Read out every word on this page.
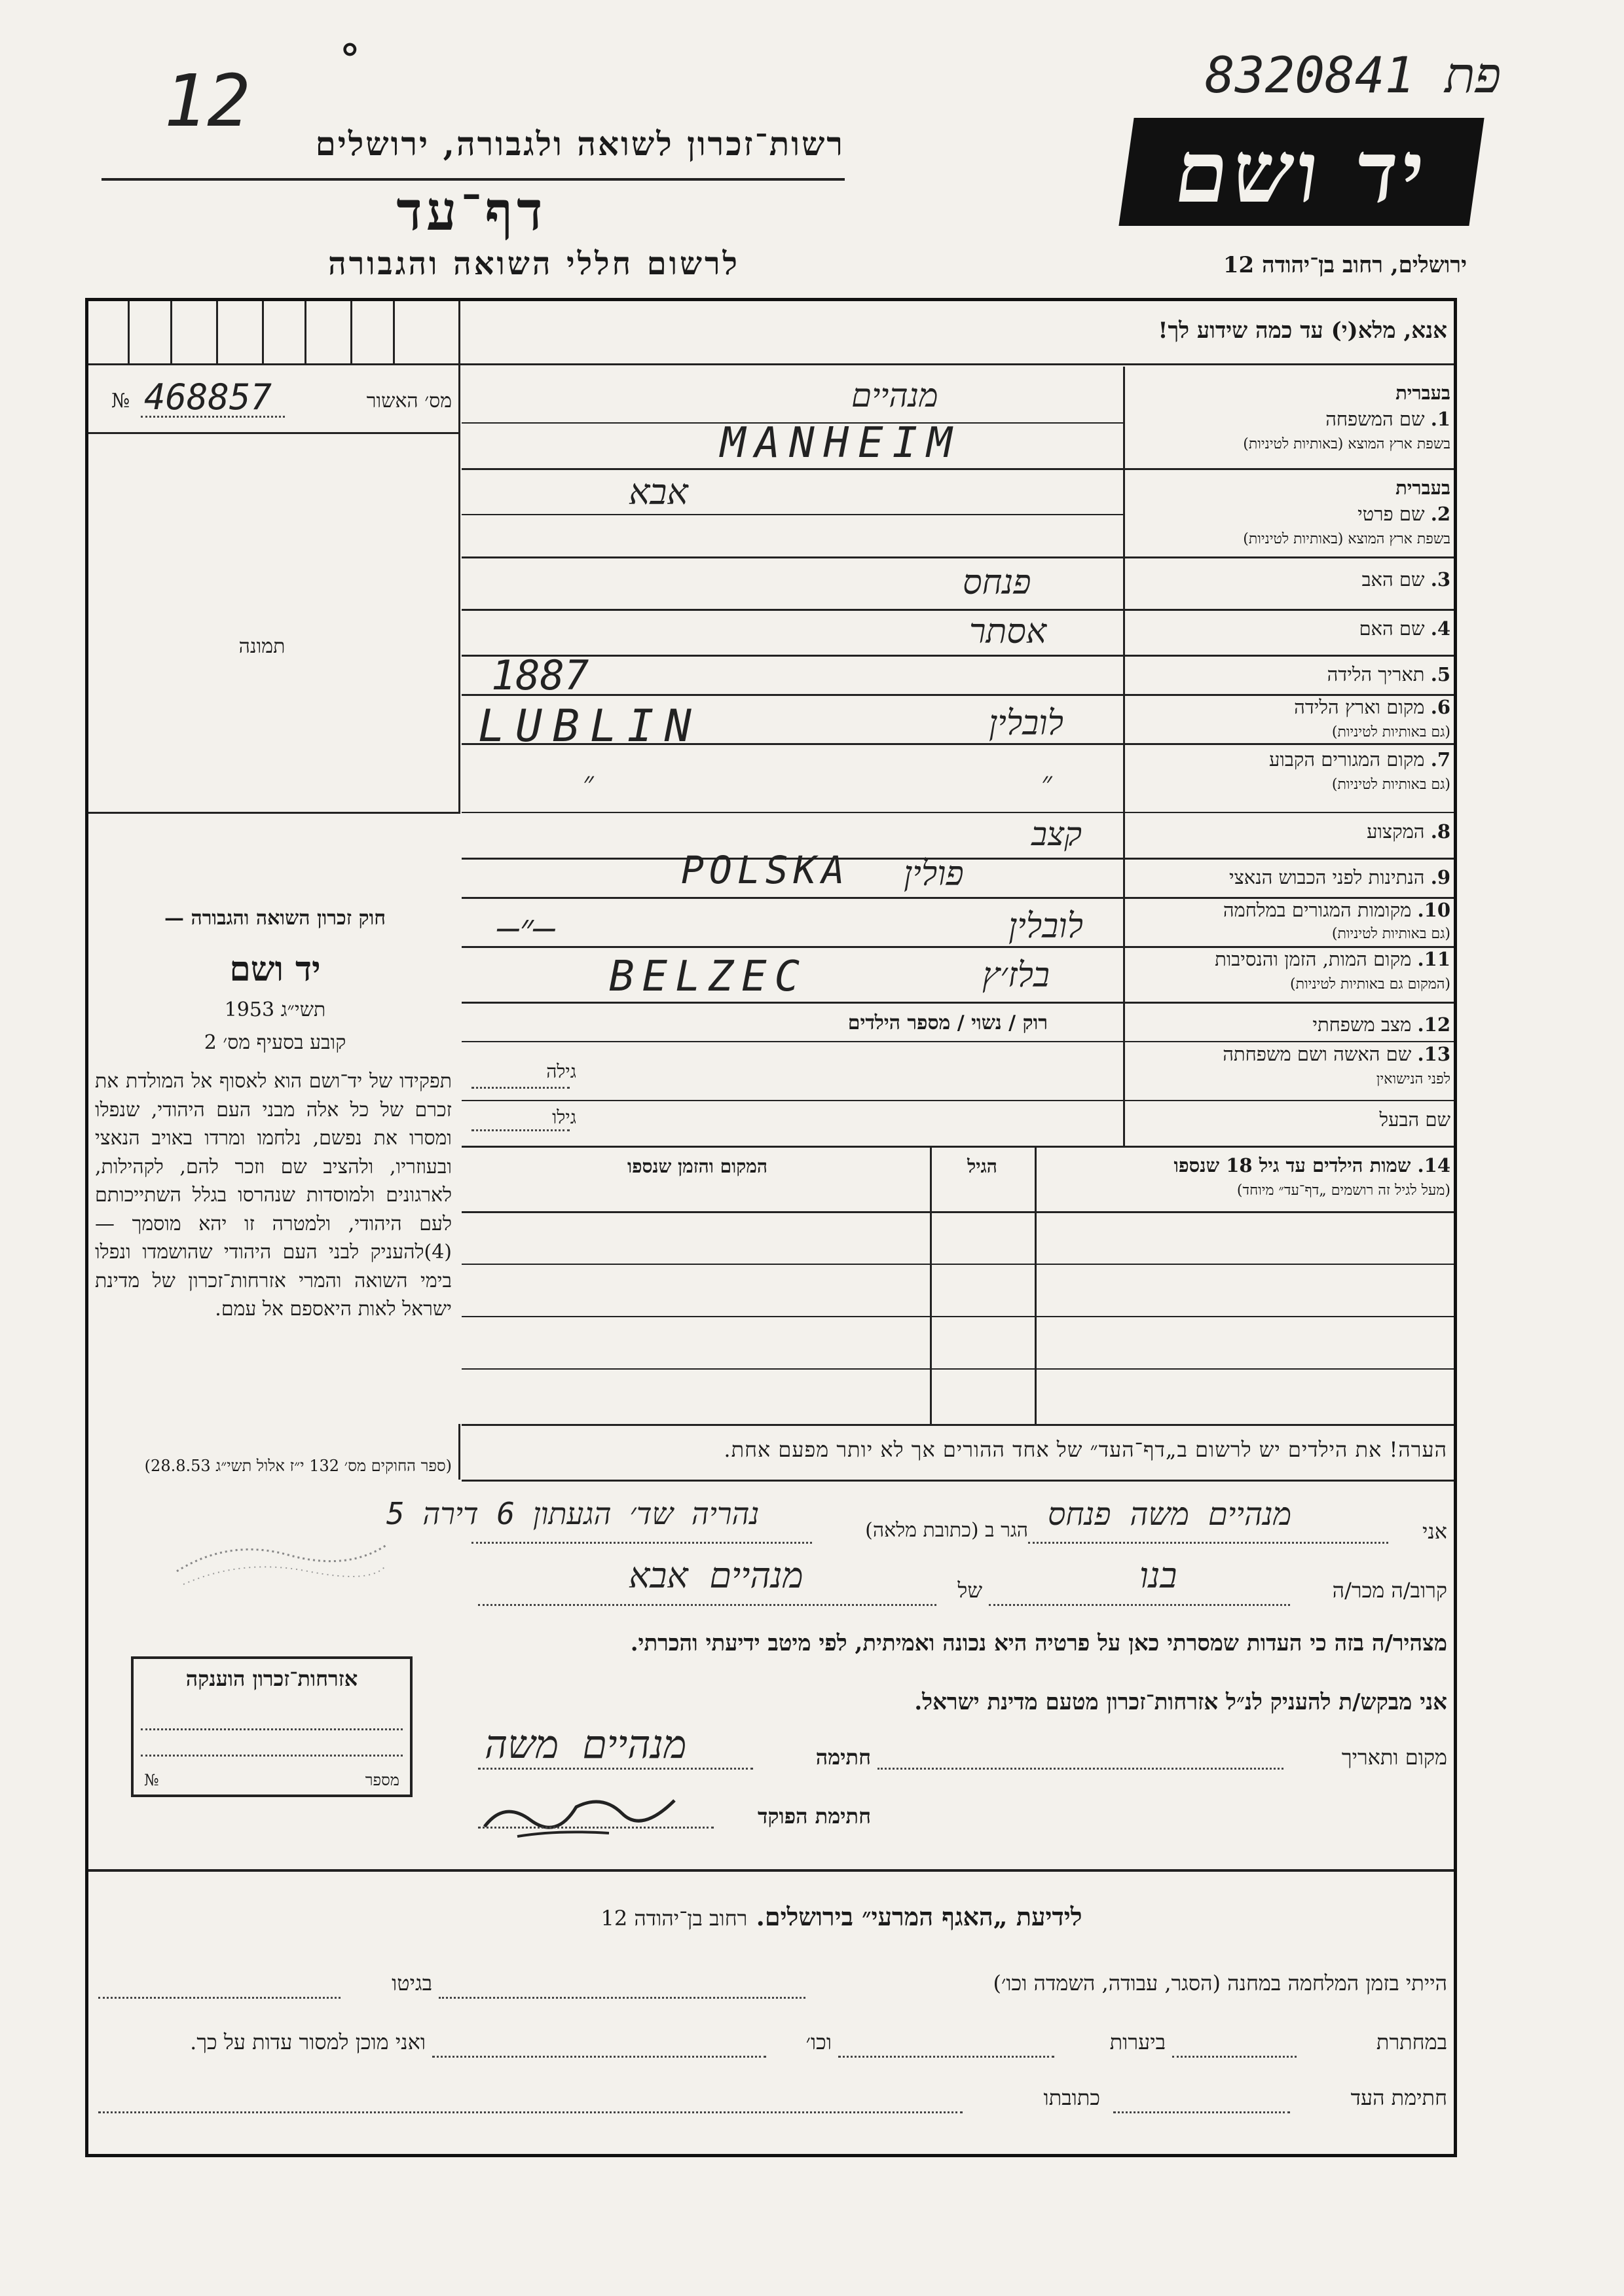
12
⸰	פת 8320841
רשות־זכרון לשואה ולגבורה, ירושלים
דף־עד
לרשום חללי השואה והגבורה
יד ושם
ירושלים, רחוב בן־יהודה 12
אנא, מלא(י) עד כמה שידוע לך!
№ 468857	מס׳ האשור
תמונה
חוק זכרון השואה והגבורה —
יד ושם
תשי״ג 1953
קובע בסעיף מס׳ 2
תפקידו של יד־ושם הוא לאסוף אל המולדת את זכרם של כל אלה מבני העם היהודי, שנפלו ומסרו את נפשם, נלחמו ומרדו באויב הנאצי ובעוזריו, ולהציב שם וזכר להם, לקהילות, לארגונים ולמוסדות שנהרסו בגלל השתייכותם לעם היהודי, ולמטרה זו יהא מוסמך — (4)להעניק לבני העם היהודי שהושמדו ונפלו בימי השואה והמרי אזרחות־זכרון של מדינת ישראל לאות היאספם אל עמם.
(ספר החוקים מס׳ 132 י״ז אלול תשי״ג 28.8.53)
בעברית
1. שם המשפחה
בשפת ארץ המוצא (באותיות לטיניות)
מנהיים
MANHEIM
בעברית
2. שם פרטי
בשפת ארץ המוצא (באותיות לטיניות)
אבא
3. שם האב
פנחס
4. שם האם
אסתר
5. תאריך הלידה
1887
6. מקום וארץ הלידה
(גם באותיות לטיניות)
LUBLIN	לובלין
7. מקום המגורים הקבוע
(גם באותיות לטיניות)
״	״
8. המקצוע
קצב
9. הנתינות לפני הכבוש הנאצי
POLSKA פולין
10. מקומות המגורים במלחמה
(גם באותיות לטיניות)
–״–	לובלין
11. מקום המות, הזמן והנסיבות
(המקום גם באותיות לטיניות)
BELZEC	בלז׳ץ
12. מצב משפחתי
רוק / נשוי / מספר הילדים
13. שם האשה ושם משפחתה
לפני הנישואין
גילה
שם הבעל
גילו
14. שמות הילדים עד גיל 18 שנספו
(מעל לגיל זה רושמים „דף־עד״ מיוחד)
הגיל
המקום והזמן שנספו
הערה! את הילדים יש לרשום ב„דף־העד״ של אחד ההורים אך לא יותר מפעם אחת.
אני
מנהיים משה פנחס
הגר ב (כתובת מלאה)
נהריה שד׳ הגעתון 6 דירה 5
קרוב/ה מכר/ה
בנו
של
מנהיים אבא
מצהיר/ה בזה כי העדות שמסרתי כאן על פרטיה היא נכונה ואמיתית, לפי מיטב ידיעתי והכרתי.
אני מבקש/ת להעניק לנ״ל אזרחות־זכרון מטעם מדינת ישראל.
מקום ותאריך
חתימה
מנהיים משה
חתימת הפוקד
אזרחות־זכרון הוענקה
№	מספר
לידיעת „האגף המרעי״ בירושלים. רחוב בן־יהודה 12
הייתי בזמן המלחמה במחנה (הסגר, עבודה, השמדה וכו׳)
בגיטו
במחתרת
ביערות
וכו׳
ואני מוכן למסור עדות על כך.
חתימת העד
כתובתו
